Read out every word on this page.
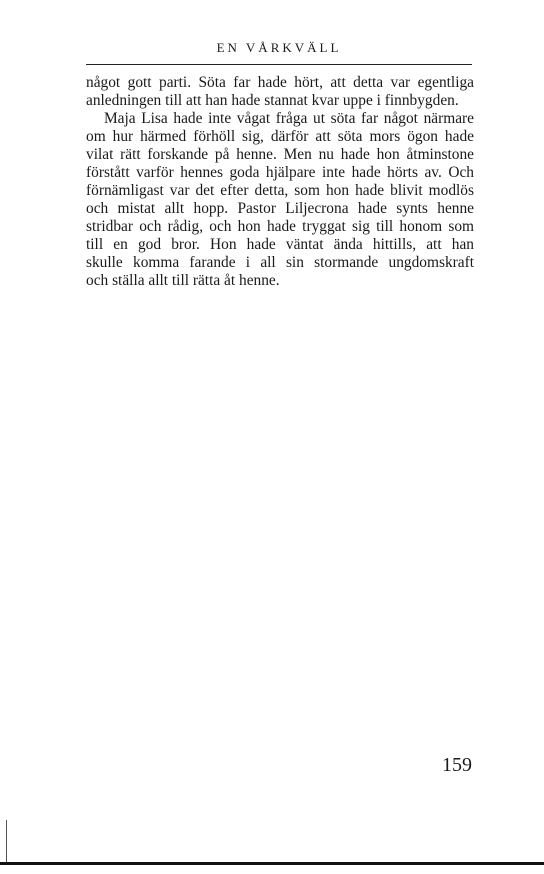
EN VÅRKVÄLL
något gott parti. Söta far hade hört, att detta var egentliga
anledningen till att han hade stannat kvar uppe i finnbygden.
Maja Lisa hade inte vågat fråga ut söta far något närmare
om hur härmed förhöll sig, därför att söta mors ögon hade
vilat rätt forskande på henne. Men nu hade hon åtminstone
förstått varför hennes goda hjälpare inte hade hörts av. Och
förnämligast var det efter detta, som hon hade blivit modlös
och mistat allt hopp. Pastor Liljecrona hade synts henne
stridbar och rådig, och hon hade tryggat sig till honom som
till en god bror. Hon hade väntat ända hittills, att han
skulle komma farande i all sin stormande ungdomskraft
och ställa allt till rätta åt henne.
159
